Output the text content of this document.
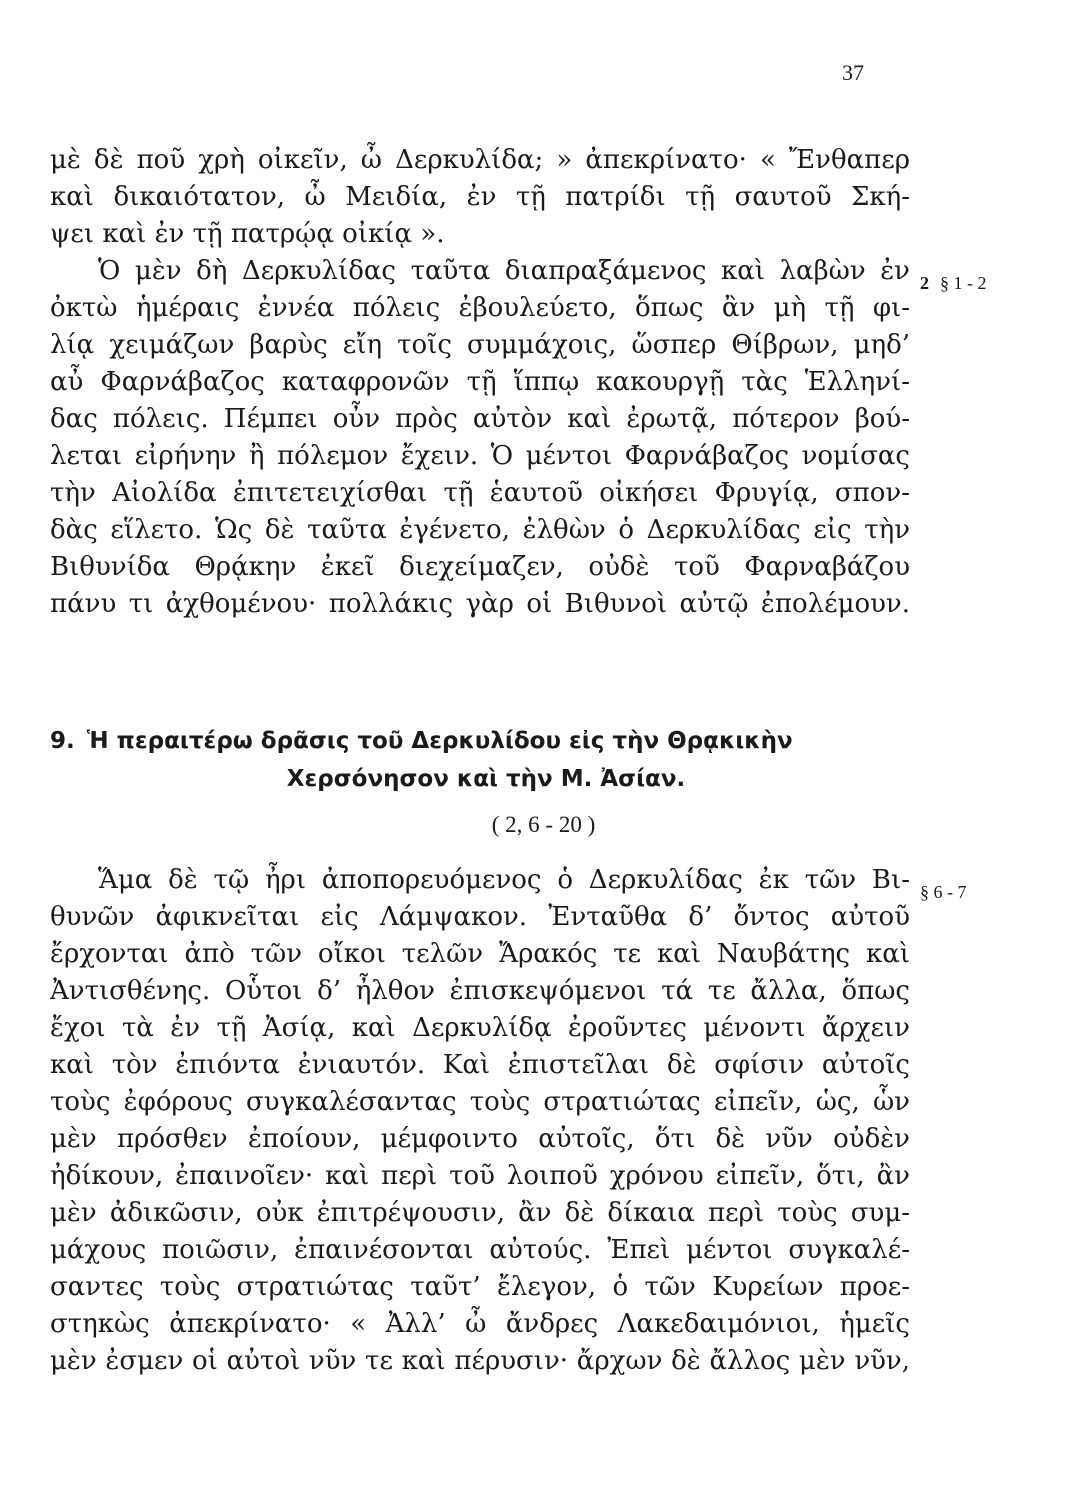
37
μὲ δὲ ποῦ χρὴ οἰκεῖν, ὦ Δερκυλίδα; » ἀπεκρίνατο· « Ἔνθαπερ
καὶ δικαιότατον, ὦ Μειδία, ἐν τῇ πατρίδι τῇ σαυτοῦ Σκή-
ψει καὶ ἐν τῇ πατρῴᾳ οἰκίᾳ ».
Ὁ μὲν δὴ Δερκυλίδας ταῦτα διαπραξάμενος καὶ λαβὼν ἐν
ὀκτὼ ἡμέραις ἐννέα πόλεις ἐβουλεύετο, ὅπως ἂν μὴ τῇ φι-
λίᾳ χειμάζων βαρὺς εἴη τοῖς συμμάχοις, ὥσπερ Θίβρων, μηδ’
αὖ Φαρνάβαζος καταφρονῶν τῇ ἵππῳ κακουργῇ τὰς Ἑλληνί-
δας πόλεις. Πέμπει οὖν πρὸς αὐτὸν καὶ ἐρωτᾷ, πότερον βού-
λεται εἰρήνην ἢ πόλεμον ἔχειν. Ὁ μέντοι Φαρνάβαζος νομίσας
τὴν Αἰολίδα ἐπιτετειχίσθαι τῇ ἑαυτοῦ οἰκήσει Φρυγίᾳ, σπον-
δὰς εἵλετο. Ὡς δὲ ταῦτα ἐγένετο, ἐλθὼν ὁ Δερκυλίδας εἰς τὴν
Βιθυνίδα Θρᾴκην ἐκεῖ διεχείμαζεν, οὐδὲ τοῦ Φαρναβάζου
πάνυ τι ἀχθομένου· πολλάκις γὰρ οἱ Βιθυνοὶ αὐτῷ ἐπολέμουν.
2 § 1 - 2
9. Ἡ περαιτέρω δρᾶσις τοῦ Δερκυλίδου εἰς τὴν Θρᾳκικὴν
Χερσόνησον καὶ τὴν Μ. Ἀσίαν.
( 2, 6 - 20 )
Ἅμα δὲ τῷ ἦρι ἀποπορευόμενος ὁ Δερκυλίδας ἐκ τῶν Βι-
θυνῶν ἀφικνεῖται εἰς Λάμψακον. Ἐνταῦθα δ’ ὄντος αὐτοῦ
ἔρχονται ἀπὸ τῶν οἴκοι τελῶν Ἄρακός τε καὶ Ναυβάτης καὶ
Ἀντισθένης. Οὗτοι δ’ ἦλθον ἐπισκεψόμενοι τά τε ἄλλα, ὅπως
ἔχοι τὰ ἐν τῇ Ἀσίᾳ, καὶ Δερκυλίδᾳ ἐροῦντες μένοντι ἄρχειν
καὶ τὸν ἐπιόντα ἐνιαυτόν. Καὶ ἐπιστεῖλαι δὲ σφίσιν αὐτοῖς
τοὺς ἐφόρους συγκαλέσαντας τοὺς στρατιώτας εἰπεῖν, ὡς, ὧν
μὲν πρόσθεν ἐποίουν, μέμφοιντο αὐτοῖς, ὅτι δὲ νῦν οὐδὲν
ἠδίκουν, ἐπαινοῖεν· καὶ περὶ τοῦ λοιποῦ χρόνου εἰπεῖν, ὅτι, ἂν
μὲν ἀδικῶσιν, οὐκ ἐπιτρέψουσιν, ἂν δὲ δίκαια περὶ τοὺς συμ-
μάχους ποιῶσιν, ἐπαινέσονται αὐτούς. Ἐπεὶ μέντοι συγκαλέ-
σαντες τοὺς στρατιώτας ταῦτ’ ἔλεγον, ὁ τῶν Κυρείων προε-
στηκὼς ἀπεκρίνατο· « Ἀλλ’ ὦ ἄνδρες Λακεδαιμόνιοι, ἡμεῖς
μὲν ἐσμεν οἱ αὐτοὶ νῦν τε καὶ πέρυσιν· ἄρχων δὲ ἄλλος μὲν νῦν,
§ 6 - 7
